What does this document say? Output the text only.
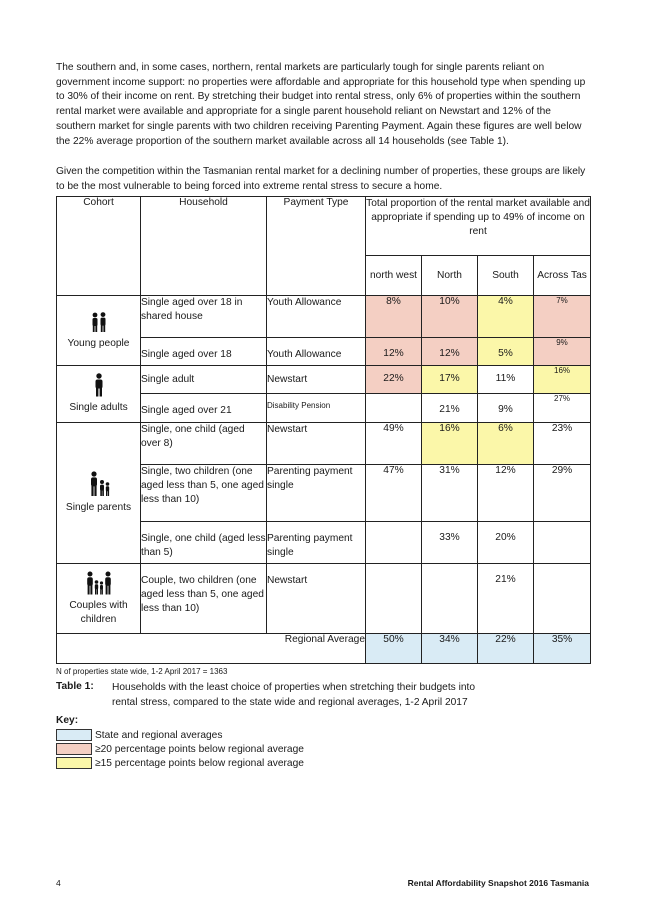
The southern and, in some cases, northern, rental markets are particularly tough for single parents reliant on government income support: no properties were affordable and appropriate for this household type when spending up to 30% of their income on rent. By stretching their budget into rental stress, only 6% of properties within the southern rental market were available and appropriate for a single parent household reliant on Newstart and 12% of the southern market for single parents with two children receiving Parenting Payment. Again these figures are well below the 22% average proportion of the southern market available across all 14 households (see Table 1).

Given the competition within the Tasmanian rental market for a declining number of properties, these groups are likely to be the most vulnerable to being forced into extreme rental stress to secure a home.

Cohort	Household	Payment Type	Total proportion of the rental market available and appropriate if spending up to 49% of income on rent			
			north west	North	South	Across Tas

Young people	Single aged over 18 in shared house	Youth Allowance	8%	10%	4%	7%
	Single aged over 18	Youth Allowance	12%	12%	5%	9%

Single adults	Single adult	Newstart	22%	17%	11%	16%
	Single aged over 21	Disability Pension		21%	9%	27%

Single parents	Single, one child (aged over 8)	Newstart	49%	16%	6%	23%
	Single, two children (one aged less than 5, one aged less than 10)	Parenting payment single	47%	31%	12%	29%
	Single, one child (aged less than 5)	Parenting payment single		33%	20%	

Couples with children	Couple, two children (one aged less than 5, one aged less than 10)	Newstart			21%	
Regional Average			50%	34%	22%	35%
N of properties state wide, 1-2 April 2017 = 1363
Table 1: Households with the least choice of properties when stretching their budgets into rental stress, compared to the state wide and regional averages, 1-2 April 2017
Key:
State and regional averages
≥20 percentage points below regional average
≥15 percentage points below regional average
4	Rental Affordability Snapshot 2016 Tasmania
